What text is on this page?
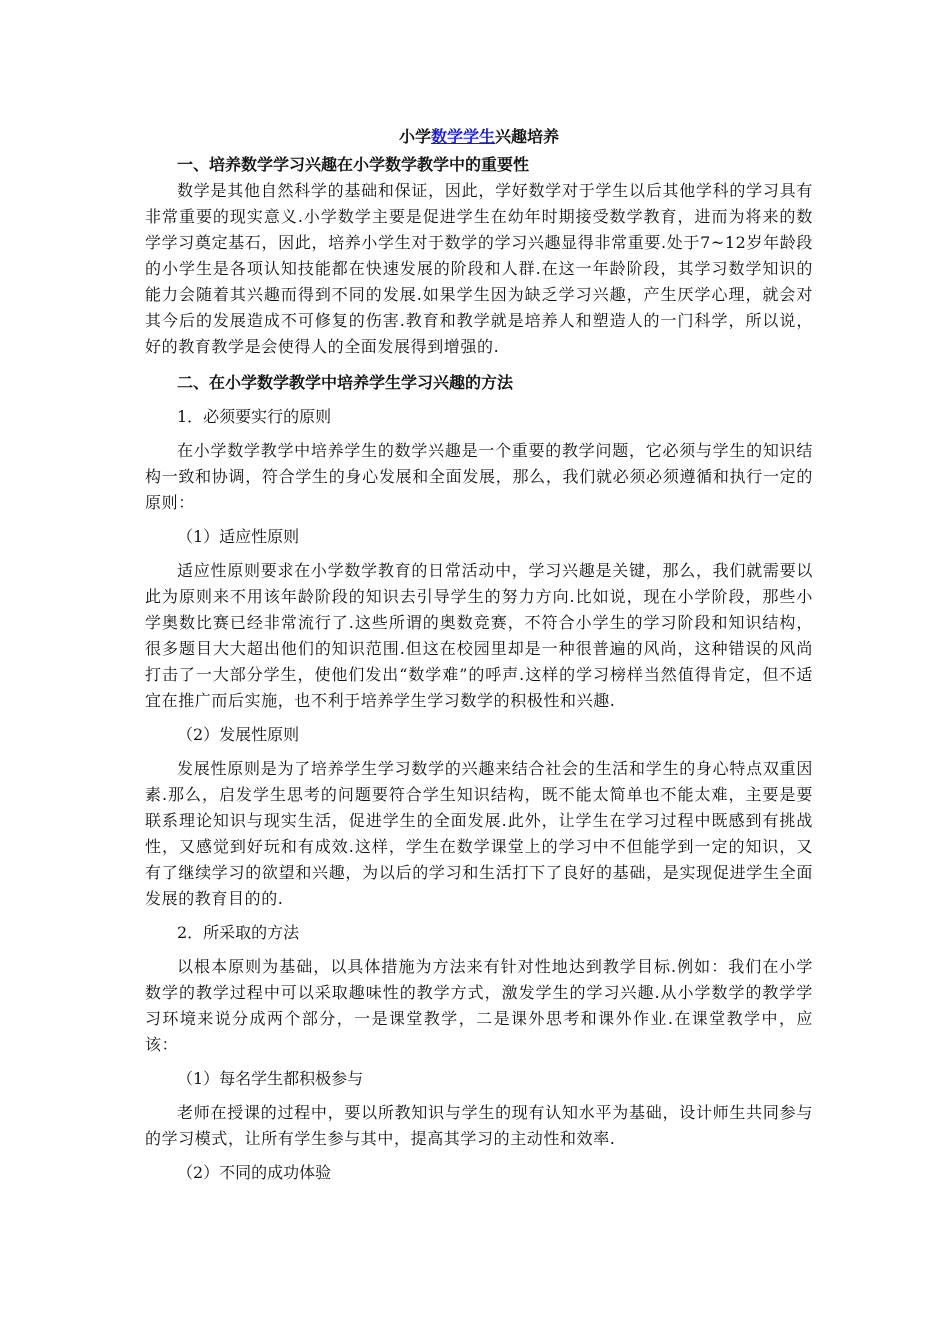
小学数学学生兴趣培养

一、培养数学学习兴趣在小学数学教学中的重要性

数学是其他自然科学的基础和保证，因此，学好数学对于学生以后其他学科的学习具有非常重要的现实意义.小学数学主要是促进学生在幼年时期接受数学教育，进而为将来的数学学习奠定基石，因此，培养小学生对于数学的学习兴趣显得非常重要.处于7~12岁年龄段的小学生是各项认知技能都在快速发展的阶段和人群.在这一年龄阶段，其学习数学知识的能力会随着其兴趣而得到不同的发展.如果学生因为缺乏学习兴趣，产生厌学心理，就会对其今后的发展造成不可修复的伤害.教育和教学就是培养人和塑造人的一门科学，所以说，好的教育教学是会使得人的全面发展得到增强的.

二、在小学数学教学中培养学生学习兴趣的方法

1．必须要实行的原则

在小学数学教学中培养学生的数学兴趣是一个重要的教学问题，它必须与学生的知识结构一致和协调，符合学生的身心发展和全面发展，那么，我们就必须必须遵循和执行一定的原则：

（1）适应性原则

适应性原则要求在小学数学教育的日常活动中，学习兴趣是关键，那么，我们就需要以此为原则来不用该年龄阶段的知识去引导学生的努力方向.比如说，现在小学阶段，那些小学奥数比赛已经非常流行了.这些所谓的奥数竞赛，不符合小学生的学习阶段和知识结构，很多题目大大超出他们的知识范围.但这在校园里却是一种很普遍的风尚，这种错误的风尚打击了一大部分学生，使他们发出“数学难”的呼声.这样的学习榜样当然值得肯定，但不适宜在推广而后实施，也不利于培养学生学习数学的积极性和兴趣.

（2）发展性原则

发展性原则是为了培养学生学习数学的兴趣来结合社会的生活和学生的身心特点双重因素.那么，启发学生思考的问题要符合学生知识结构，既不能太简单也不能太难，主要是要联系理论知识与现实生活，促进学生的全面发展.此外，让学生在学习过程中既感到有挑战性，又感觉到好玩和有成效.这样，学生在数学课堂上的学习中不但能学到一定的知识，又有了继续学习的欲望和兴趣，为以后的学习和生活打下了良好的基础，是实现促进学生全面发展的教育目的的.

2．所采取的方法

以根本原则为基础，以具体措施为方法来有针对性地达到教学目标.例如：我们在小学数学的教学过程中可以采取趣味性的教学方式，激发学生的学习兴趣.从小学数学的教学学习环境来说分成两个部分，一是课堂教学，二是课外思考和课外作业.在课堂教学中，应该：

（1）每名学生都积极参与

老师在授课的过程中，要以所教知识与学生的现有认知水平为基础，设计师生共同参与的学习模式，让所有学生参与其中，提高其学习的主动性和效率.

（2）不同的成功体验
